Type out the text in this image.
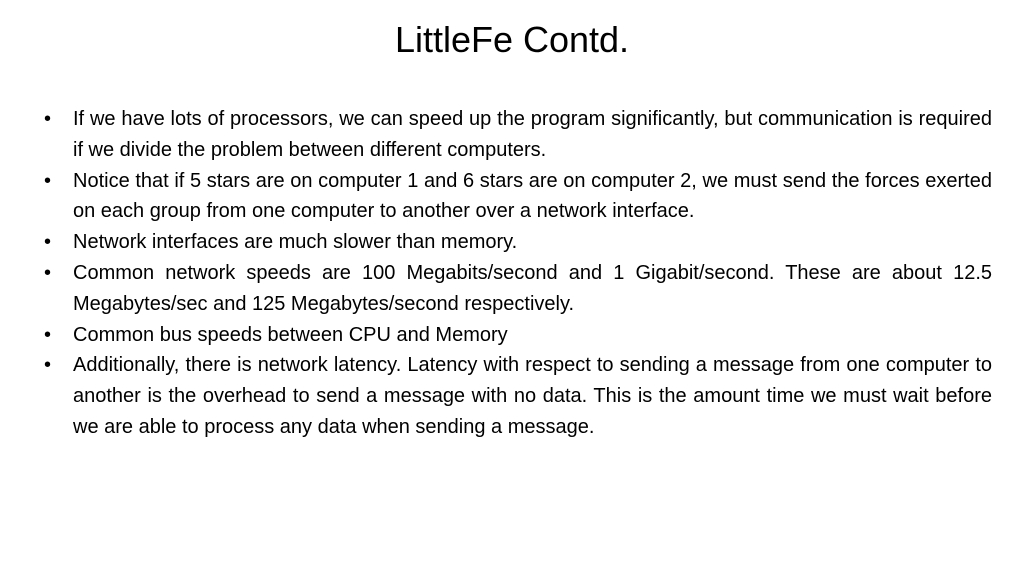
LittleFe Contd.
•	If we have lots of processors, we can speed up the program significantly, but communication is required if we divide the problem between different computers.
•	Notice that if 5 stars are on computer 1 and 6 stars are on computer 2, we must send the forces exerted on each group from one computer to another over a network interface.
•	Network interfaces are much slower than memory.
•	Common network speeds are 100 Megabits/second and 1 Gigabit/second. These are about 12.5 Megabytes/sec and 125 Megabytes/second respectively.
•	Common bus speeds between CPU and Memory
•	Additionally, there is network latency. Latency with respect to sending a message from one computer to another is the overhead to send a message with no data. This is the amount time we must wait before we are able to process any data when sending a message.
